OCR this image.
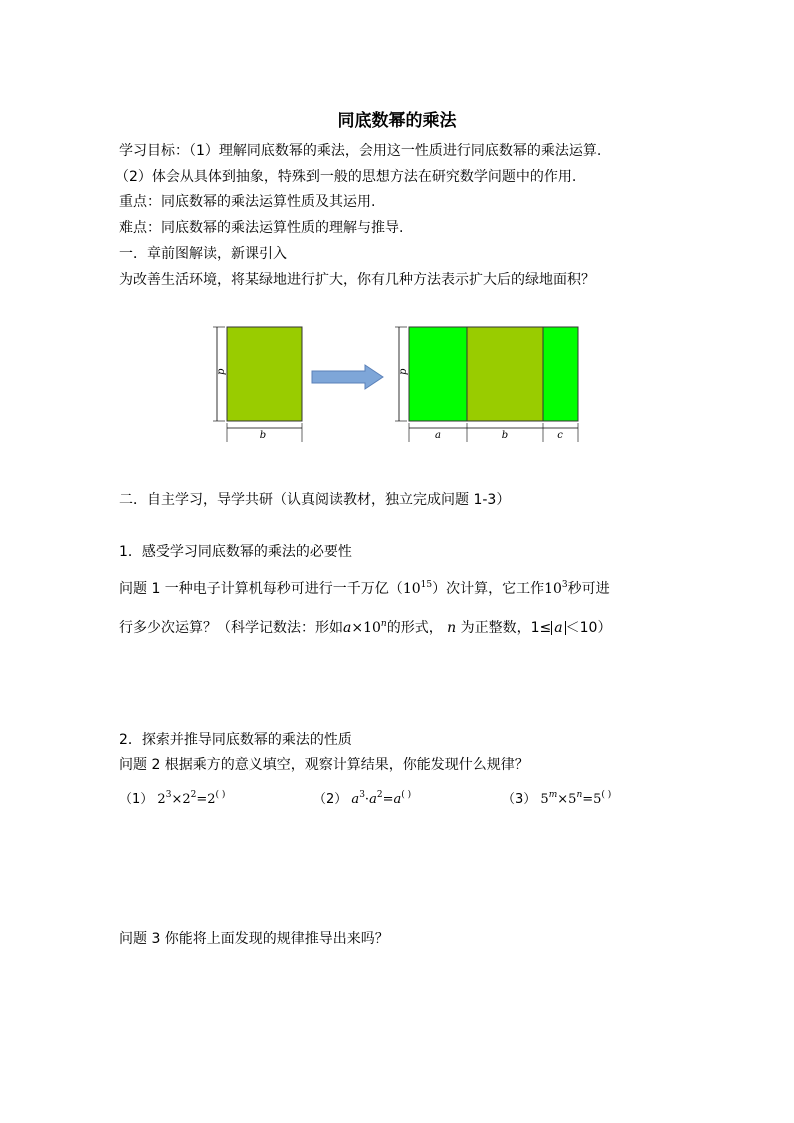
同底数幂的乘法
学习目标：（1）理解同底数幂的乘法，会用这一性质进行同底数幂的乘法运算.
（2）体会从具体到抽象，特殊到一般的思想方法在研究数学问题中的作用.
重点：同底数幂的乘法运算性质及其运用.
难点：同底数幂的乘法运算性质的理解与推导.
一．章前图解读，新课引入
为改善生活环境，将某绿地进行扩大，你有几种方法表示扩大后的绿地面积？
p
b
p
a	b	c
二．自主学习，导学共研（认真阅读教材，独立完成问题 1-3）
1．感受学习同底数幂的乘法的必要性
问题 1 一种电子计算机每秒可进行一千万亿$(10^{15})$次计算，它工作$10^3$秒可进
行多少次运算？（科学记数法：形如$a\times 10^n$的形式， n 为正整数，1≤ a ＜10）
2．探索并推导同底数幂的乘法的性质
问题 2 根据乘方的意义填空，观察计算结果，你能发现什么规律？
（1） $2^3\times 2^2=2^{( )}$	（2） $a^3\cdot a^2=a^{( )}$	（3） $5^m\times 5^n=5^{( )}$
问题 3 你能将上面发现的规律推导出来吗？
